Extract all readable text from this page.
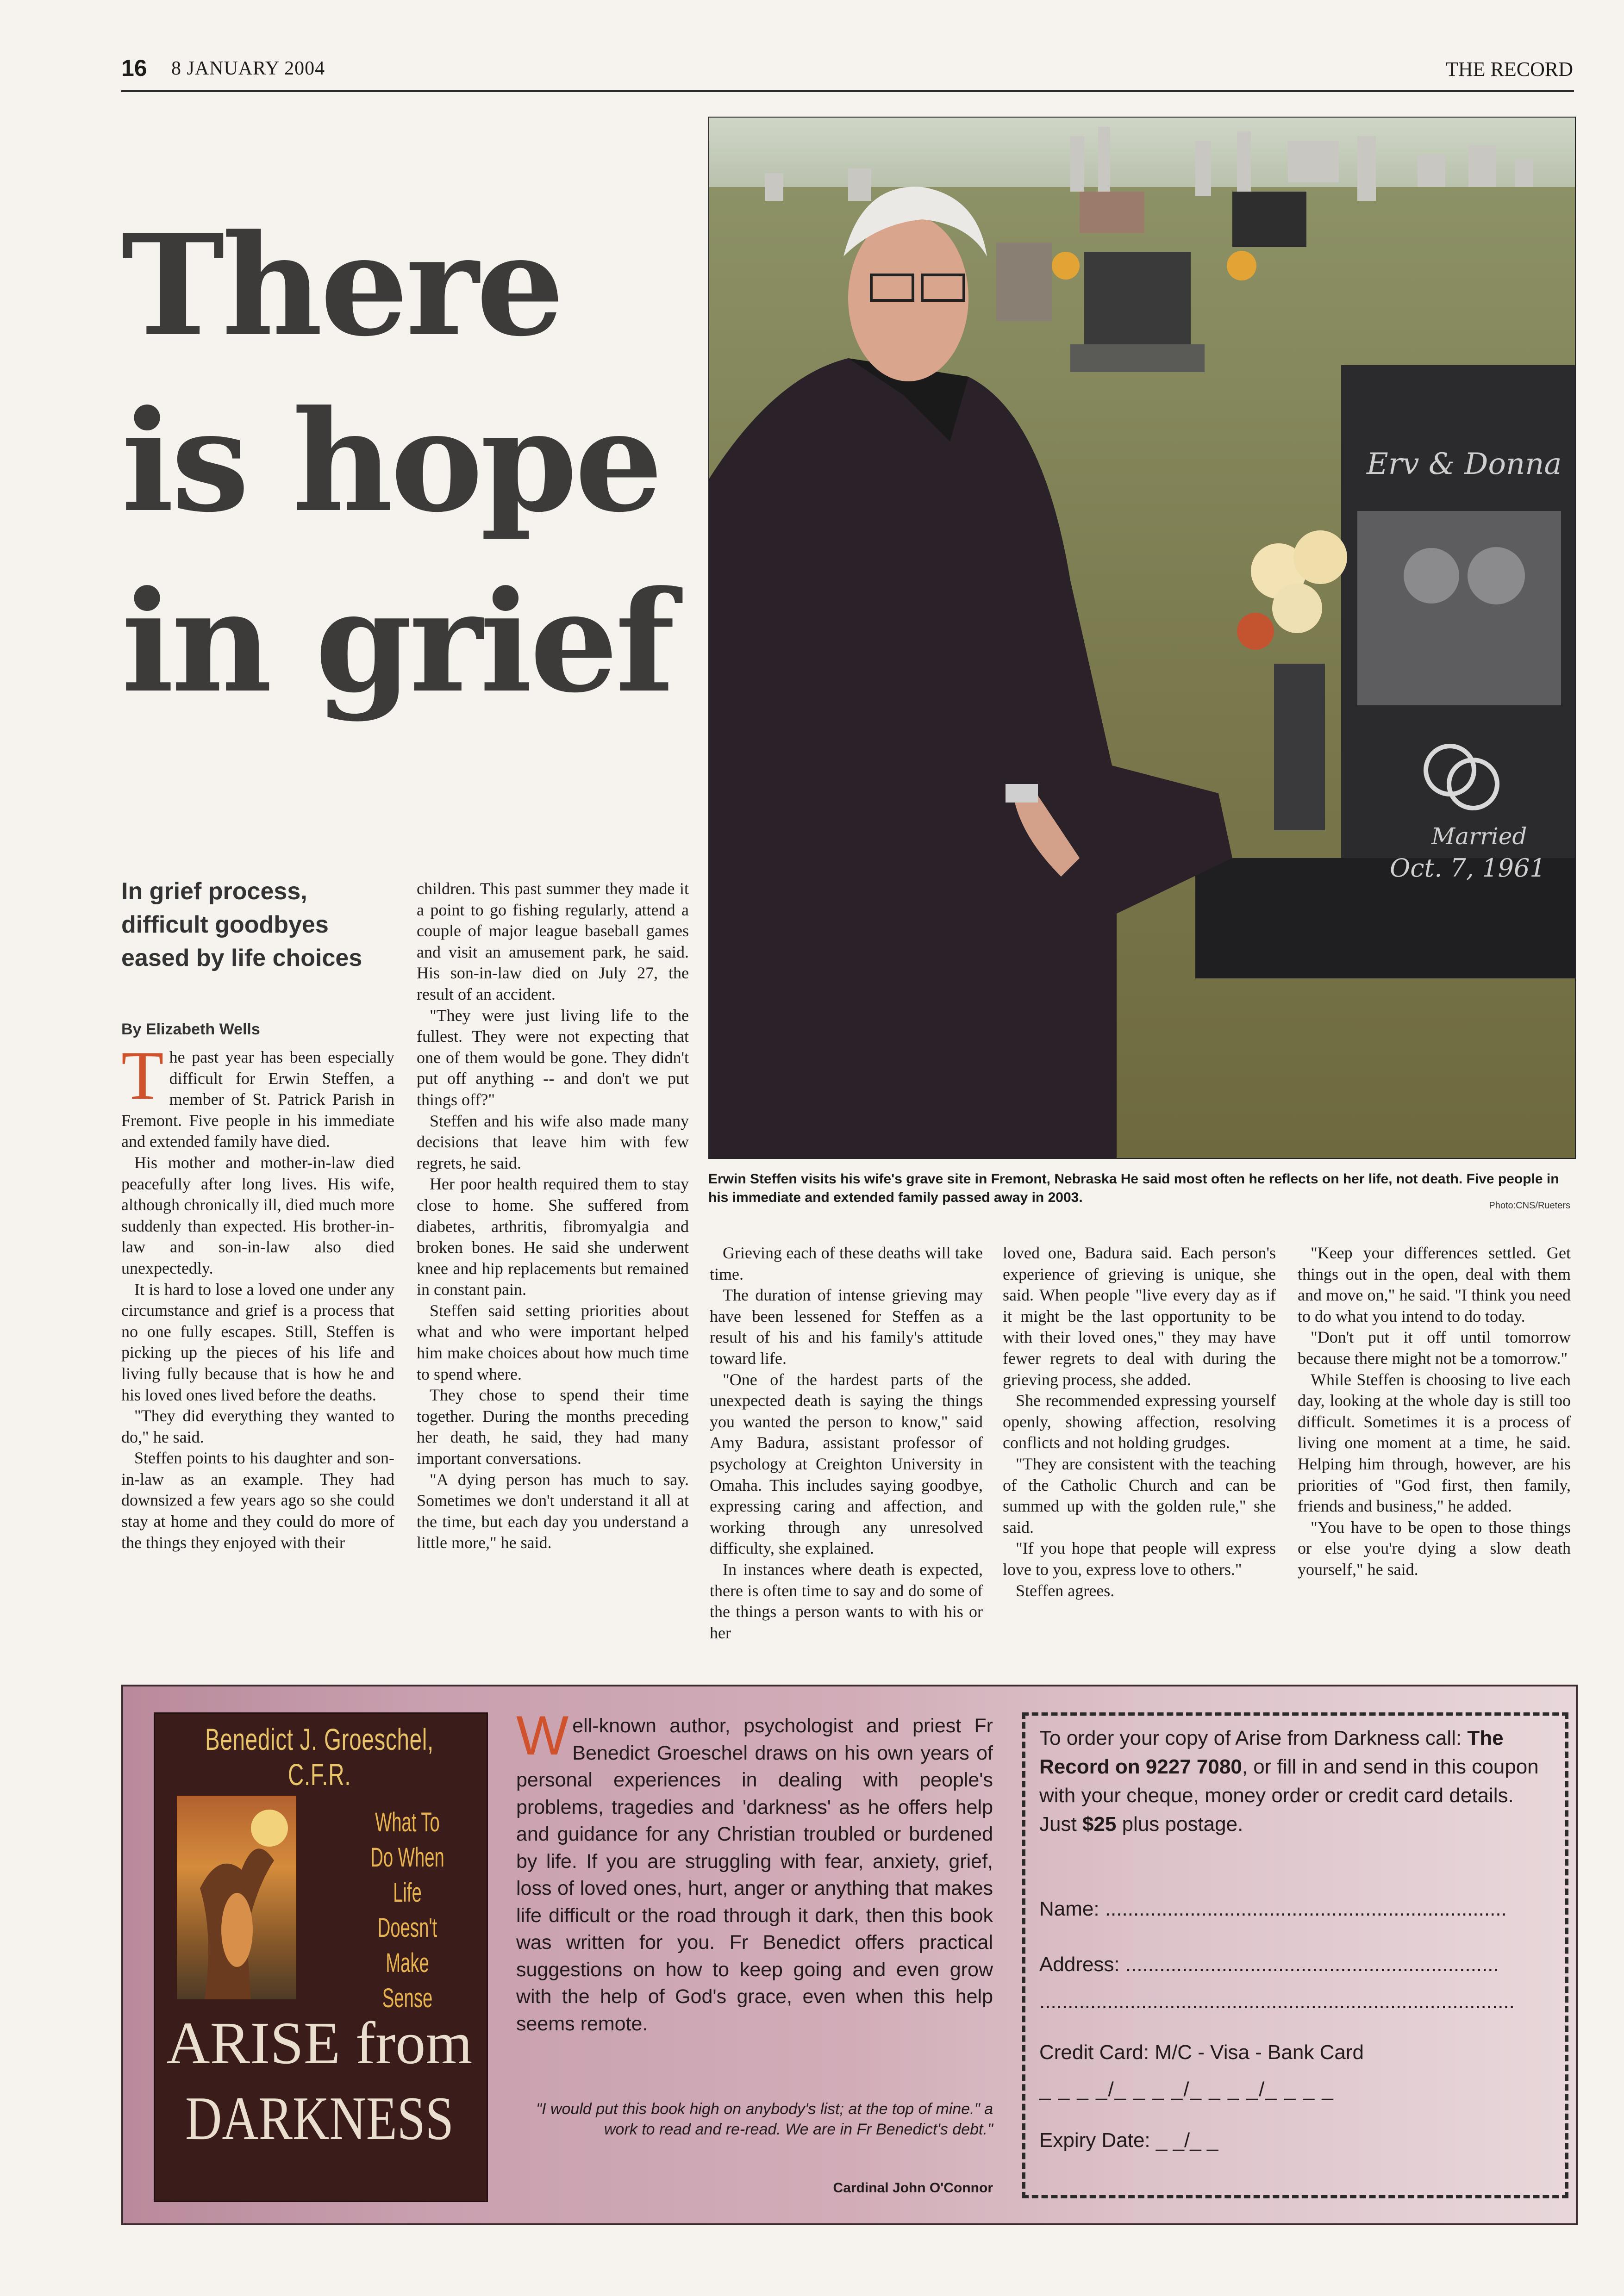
16 8 JANUARY 2004	THE RECORD
There
is hope
in grief
In grief process, difficult goodbyes eased by life choices
By Elizabeth Wells

The past year has been especially difficult for Erwin Steffen, a member of St. Patrick Parish in Fremont. Five people in his immediate and extended family have died.

His mother and mother-in-law died peacefully after long lives. His wife, although chronically ill, died much more suddenly than expected. His brother-in-law and son-in-law also died unexpectedly.

It is hard to lose a loved one under any circumstance and grief is a process that no one fully escapes. Still, Steffen is picking up the pieces of his life and living fully because that is how he and his loved ones lived before the deaths.

"They did everything they wanted to do," he said.

Steffen points to his daughter and son-in-law as an example. They had downsized a few years ago so she could stay at home and they could do more of the things they enjoyed with their

children. This past summer they made it a point to go fishing regularly, attend a couple of major league baseball games and visit an amusement park, he said. His son-in-law died on July 27, the result of an accident.

"They were just living life to the fullest. They were not expecting that one of them would be gone. They didn't put off anything -- and don't we put things off?"

Steffen and his wife also made many decisions that leave him with few regrets, he said.

Her poor health required them to stay close to home. She suffered from diabetes, arthritis, fibromyalgia and broken bones. He said she underwent knee and hip replacements but remained in constant pain.

Steffen said setting priorities about what and who were important helped him make choices about how much time to spend where.

They chose to spend their time together. During the months preceding her death, he said, they had many important conversations.

"A dying person has much to say. Sometimes we don't understand it all at the time, but each day you understand a little more," he said.

Erv & Donna
Married
Oct. 7, 1961
Erwin Steffen visits his wife's grave site in Fremont, Nebraska He said most often he reflects on her life, not death. Five people in his immediate and extended family passed away in 2003.
Photo:CNS/Rueters

Grieving each of these deaths will take time.

The duration of intense grieving may have been lessened for Steffen as a result of his and his family's attitude toward life.

"One of the hardest parts of the unexpected death is saying the things you wanted the person to know," said Amy Badura, assistant professor of psychology at Creighton University in Omaha. This includes saying goodbye, expressing caring and affection, and working through any unresolved difficulty, she explained.

In instances where death is expected, there is often time to say and do some of the things a person wants to with his or her

loved one, Badura said. Each person's experience of grieving is unique, she said. When people "live every day as if it might be the last opportunity to be with their loved ones," they may have fewer regrets to deal with during the grieving process, she added.

She recommended expressing yourself openly, showing affection, resolving conflicts and not holding grudges.

"They are consistent with the teaching of the Catholic Church and can be summed up with the golden rule," she said.

"If you hope that people will express love to you, express love to others."

Steffen agrees.

"Keep your differences settled. Get things out in the open, deal with them and move on," he said. "I think you need to do what you intend to do today.

"Don't put it off until tomorrow because there might not be a tomorrow."

While Steffen is choosing to live each day, looking at the whole day is still too difficult. Sometimes it is a process of living one moment at a time, he said. Helping him through, however, are his priorities of "God first, then family, friends and business," he added.

"You have to be open to those things or else you're dying a slow death yourself," he said.

Benedict J. Groeschel, C.F.R.
What To Do When Life Doesn't Make Sense
ARISE from
DARKNESS
Well-known author, psychologist and priest Fr Benedict Groeschel draws on his own years of personal experiences in dealing with people's problems, tragedies and 'darkness' as he offers help and guidance for any Christian troubled or burdened by life. If you are struggling with fear, anxiety, grief, loss of loved ones, hurt, anger or anything that makes life difficult or the road through it dark, then this book was written for you. Fr Benedict offers practical suggestions on how to keep going and even grow with the help of God's grace, even when this help seems remote.
"I would put this book high on anybody's list; at the top of mine." a work to read and re-read. We are in Fr Benedict's debt."
Cardinal John O'Connor
To order your copy of Arise from Darkness call: The Record on 9227 7080, or fill in and send in this coupon with your cheque, money order or credit card details. Just $25 plus postage.
Name: .......................................................................
Address: ..................................................................
....................................................................................
Credit Card: M/C - Visa - Bank Card
_ _ _ _/_ _ _ _/_ _ _ _/_ _ _ _
Expiry Date: _ _/_ _
